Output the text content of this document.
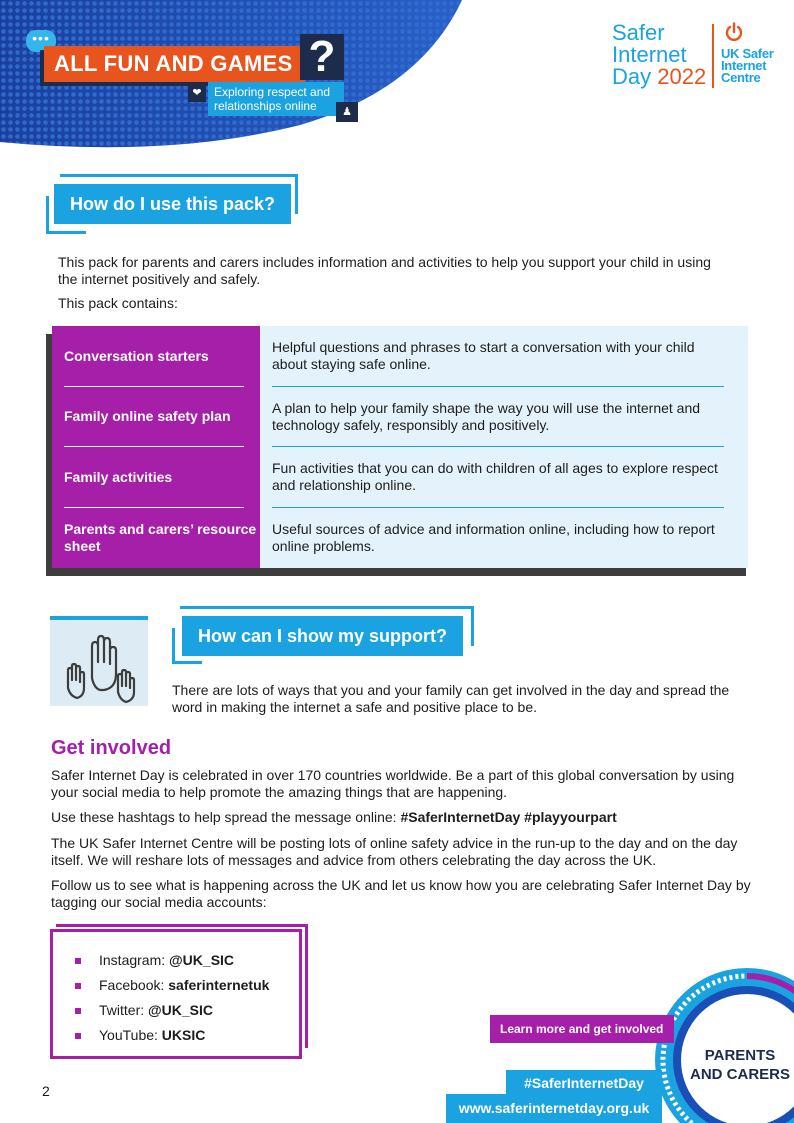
•••
ALL FUN AND GAMES ?
❤	Exploring respect and relationships online	♟
Safer
Internet
Day 2022
UK Safer
Internet
Centre
How do I use this pack?
This pack for parents and carers includes information and activities to help you support your child in using the internet positively and safely.
This pack contains:
Conversation starters
Family online safety plan
Family activities
Parents and carers’ resource sheet
Helpful questions and phrases to start a conversation with your child about staying safe online.
A plan to help your family shape the way you will use the internet and technology safely, responsibly and positively.
Fun activities that you can do with children of all ages to explore respect and relationship online.
Useful sources of advice and information online, including how to report online problems.
How can I show my support?
There are lots of ways that you and your family can get involved in the day and spread the word in making the internet a safe and positive place to be.
Get involved
Safer Internet Day is celebrated in over 170 countries worldwide. Be a part of this global conversation by using your social media to help promote the amazing things that are happening.
Use these hashtags to help spread the message online: #SaferInternetDay #playyourpart
The UK Safer Internet Centre will be posting lots of online safety advice in the run-up to the day and on the day itself. We will reshare lots of messages and advice from others celebrating the day across the UK.
Follow us to see what is happening across the UK and let us know how you are celebrating Safer Internet Day by tagging our social media accounts:
Instagram: @UK_SIC
Facebook: saferinternetuk
Twitter: @UK_SIC
YouTube: UKSIC
2
PARENTS
AND CARERS
Learn more and get involved
#SaferInternetDay
www.saferinternetday.org.uk
